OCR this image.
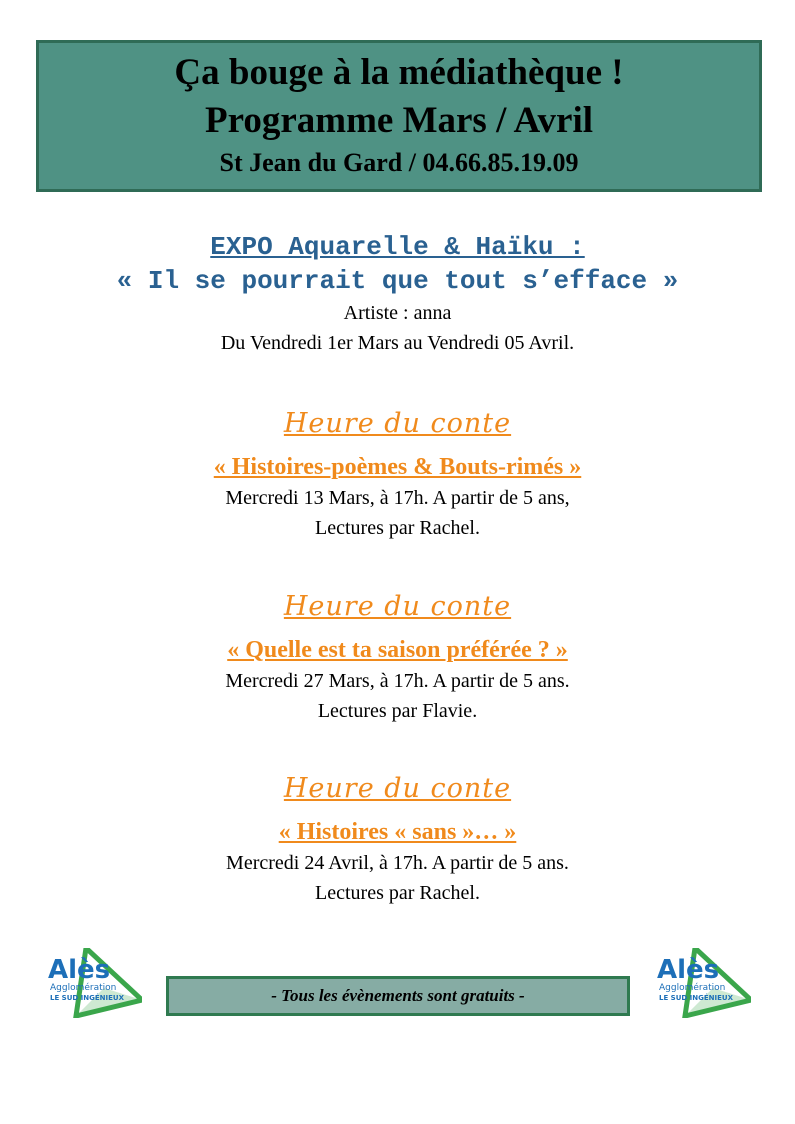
Ça bouge à la médiathèque !
Programme Mars / Avril
St Jean du Gard / 04.66.85.19.09
EXPO Aquarelle & Haïku :
« Il se pourrait que tout s’efface »
Artiste : anna
Du Vendredi 1er Mars au Vendredi 05 Avril.
Heure du conte
« Histoires-poèmes & Bouts-rimés »
Mercredi 13 Mars, à 17h. A partir de 5 ans,
Lectures par Rachel.
Heure du conte
« Quelle est ta saison préférée ? »
Mercredi 27 Mars, à 17h. A partir de 5 ans.
Lectures par Flavie.
Heure du conte
« Histoires « sans »… »
Mercredi 24 Avril, à 17h. A partir de 5 ans.
Lectures par Rachel.
Alès
Agglomération
LE SUD INGÉNIEUX
Alès
Agglomération
LE SUD INGÉNIEUX
- Tous les évènements sont gratuits -
